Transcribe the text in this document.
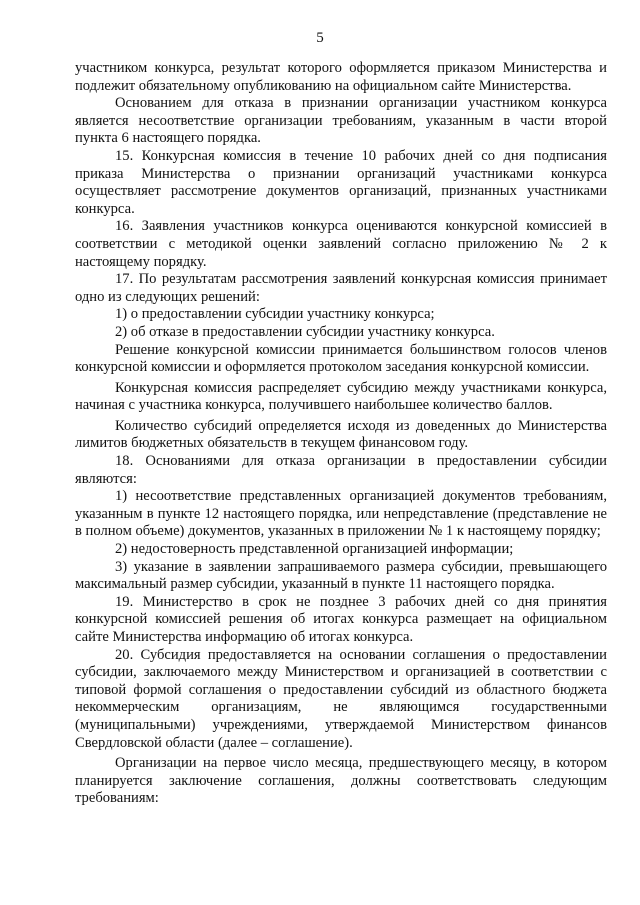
5

участником конкурса, результат которого оформляется приказом Министерства и подлежит обязательному опубликованию на официальном сайте Министерства.

Основанием для отказа в признании организации участником конкурса является несоответствие организации требованиям, указанным в части второй пункта 6 настоящего порядка.

15. Конкурсная комиссия в течение 10 рабочих дней со дня подписания приказа Министерства о признании организаций участниками конкурса осуществляет рассмотрение документов организаций, признанных участниками конкурса.

16. Заявления участников конкурса оцениваются конкурсной комиссией в соответствии с методикой оценки заявлений согласно приложению № 2 к настоящему порядку.

17. По результатам рассмотрения заявлений конкурсная комиссия принимает одно из следующих решений:

1) о предоставлении субсидии участнику конкурса;

2) об отказе в предоставлении субсидии участнику конкурса.

Решение конкурсной комиссии принимается большинством голосов членов конкурсной комиссии и оформляется протоколом заседания конкурсной комиссии.

Конкурсная комиссия распределяет субсидию между участниками конкурса, начиная с участника конкурса, получившего наибольшее количество баллов.

Количество субсидий определяется исходя из доведенных до Министерства лимитов бюджетных обязательств в текущем финансовом году.

18. Основаниями для отказа организации в предоставлении субсидии являются:

1) несоответствие представленных организацией документов требованиям, указанным в пункте 12 настоящего порядка, или непредставление (представление не в полном объеме) документов, указанных в приложении № 1 к настоящему порядку;

2) недостоверность представленной организацией информации;

3) указание в заявлении запрашиваемого размера субсидии, превышающего максимальный размер субсидии, указанный в пункте 11 настоящего порядка.

19. Министерство в срок не позднее 3 рабочих дней со дня принятия конкурсной комиссией решения об итогах конкурса размещает на официальном сайте Министерства информацию об итогах конкурса.

20. Субсидия предоставляется на основании соглашения о предоставлении субсидии, заключаемого между Министерством и организацией в соответствии с типовой формой соглашения о предоставлении субсидий из областного бюджета некоммерческим организациям, не являющимся государственными (муниципальными) учреждениями, утверждаемой Министерством финансов Свердловской области (далее – соглашение).

Организации на первое число месяца, предшествующего месяцу, в котором планируется заключение соглашения, должны соответствовать следующим требованиям:
